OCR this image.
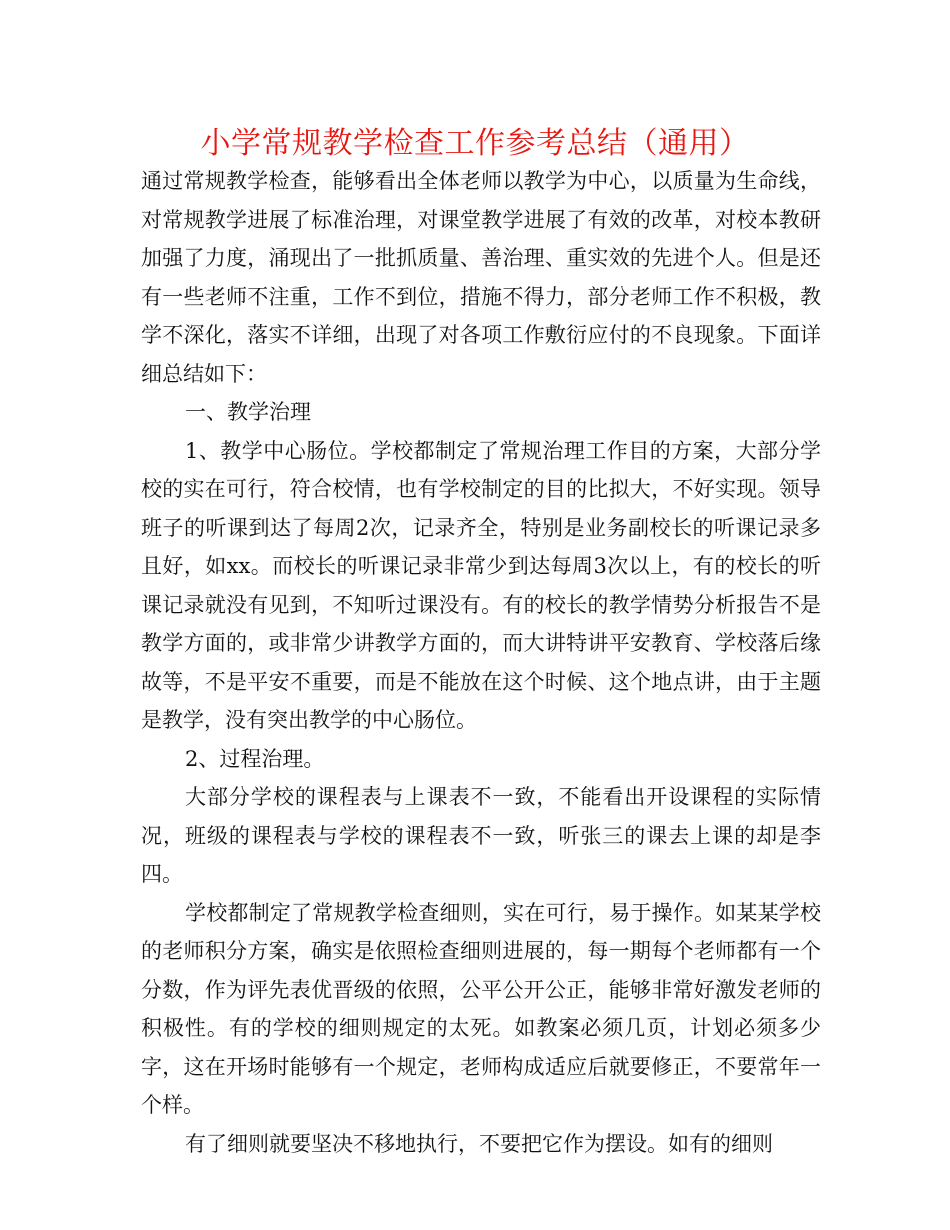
小学常规教学检查工作参考总结（通用）

通过常规教学检查，能够看出全体老师以教学为中心，以质量为生命线，对常规教学进展了标准治理，对课堂教学进展了有效的改革，对校本教研加强了力度，涌现出了一批抓质量、善治理、重实效的先进个人。但是还有一些老师不注重，工作不到位，措施不得力，部分老师工作不积极，教学不深化，落实不详细，出现了对各项工作敷衍应付的不良现象。下面详细总结如下：

一、教学治理

1、教学中心肠位。学校都制定了常规治理工作目的方案，大部分学校的实在可行，符合校情，也有学校制定的目的比拟大，不好实现。领导班子的听课到达了每周2次，记录齐全，特别是业务副校长的听课记录多且好，如xx。而校长的听课记录非常少到达每周3次以上，有的校长的听课记录就没有见到，不知听过课没有。有的校长的教学情势分析报告不是教学方面的，或非常少讲教学方面的，而大讲特讲平安教育、学校落后缘故等，不是平安不重要，而是不能放在这个时候、这个地点讲，由于主题是教学，没有突出教学的中心肠位。

2、过程治理。

大部分学校的课程表与上课表不一致，不能看出开设课程的实际情况，班级的课程表与学校的课程表不一致，听张三的课去上课的却是李四。

学校都制定了常规教学检查细则，实在可行，易于操作。如某某学校的老师积分方案，确实是依照检查细则进展的，每一期每个老师都有一个分数，作为评先表优晋级的依照，公平公开公正，能够非常好激发老师的积极性。有的学校的细则规定的太死。如教案必须几页，计划必须多少字，这在开场时能够有一个规定，老师构成适应后就要修正，不要常年一个样。

有了细则就要坚决不移地执行，不要把它作为摆设。如有的细则
